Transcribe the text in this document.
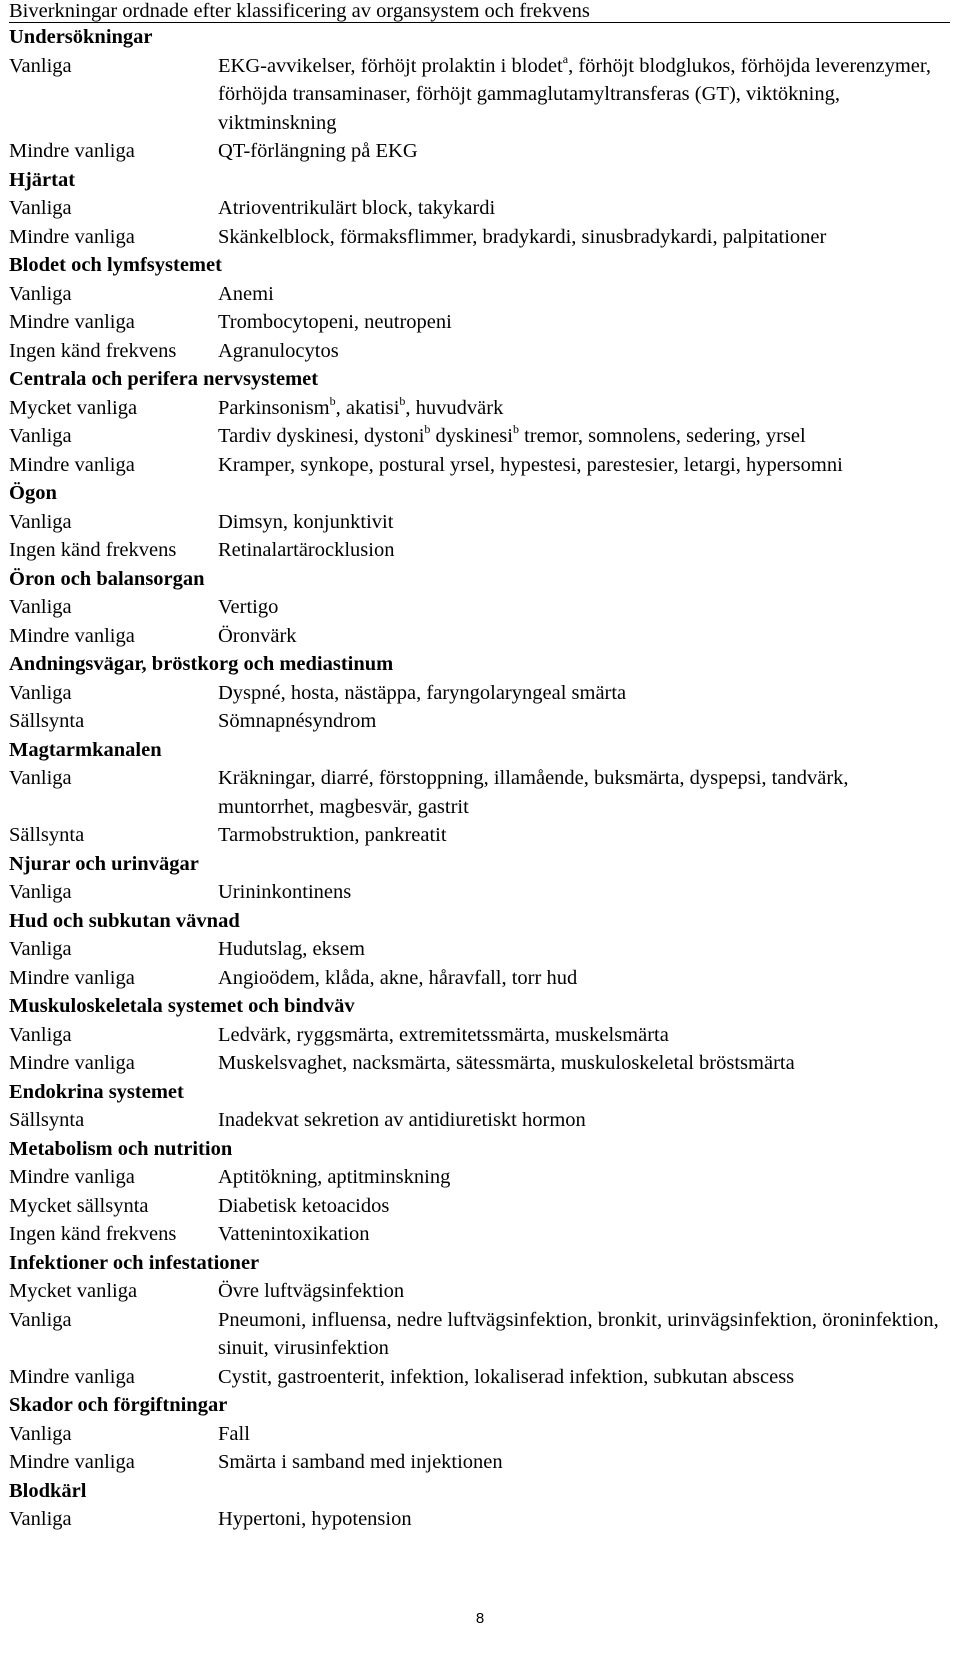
Biverkningar ordnade efter klassificering av organsystem och frekvens
Undersökningar
Vanliga	EKG-avvikelser, förhöjt prolaktin i blodet$^a$, förhöjt blodglukos, förhöjda leverenzymer, förhöjda transaminaser, förhöjt gammaglutamyltransferas (GT), viktökning, viktminskning
Mindre vanliga	QT-förlängning på EKG
Hjärtat
Vanliga	Atrioventrikulärt block, takykardi
Mindre vanliga	Skänkelblock, förmaksflimmer, bradykardi, sinusbradykardi, palpitationer
Blodet och lymfsystemet
Vanliga	Anemi
Mindre vanliga	Trombocytopeni, neutropeni
Ingen känd frekvens	Agranulocytos
Centrala och perifera nervsystemet
Mycket vanliga	Parkinsonism$^b$, akatisi$^b$, huvudvärk
Vanliga	Tardiv dyskinesi, dystoni$^b$ dyskinesi$^b$ tremor, somnolens, sedering, yrsel
Mindre vanliga	Kramper, synkope, postural yrsel, hypestesi, parestesier, letargi, hypersomni
Ögon
Vanliga	Dimsyn, konjunktivit
Ingen känd frekvens	Retinalartärocklusion
Öron och balansorgan
Vanliga	Vertigo
Mindre vanliga	Öronvärk
Andningsvägar, bröstkorg och mediastinum
Vanliga	Dyspné, hosta, nästäppa, faryngolaryngeal smärta
Sällsynta	Sömnapnésyndrom
Magtarmkanalen
Vanliga	Kräkningar, diarré, förstoppning, illamående, buksmärta, dyspepsi, tandvärk, muntorrhet, magbesvär, gastrit
Sällsynta	Tarmobstruktion, pankreatit
Njurar och urinvägar
Vanliga	Urininkontinens
Hud och subkutan vävnad
Vanliga	Hudutslag, eksem
Mindre vanliga	Angioödem, klåda, akne, håravfall, torr hud
Muskuloskeletala systemet och bindväv
Vanliga	Ledvärk, ryggsmärta, extremitetssmärta, muskelsmärta
Mindre vanliga	Muskelsvaghet, nacksmärta, sätessmärta, muskuloskeletal bröstsmärta
Endokrina systemet
Sällsynta	Inadekvat sekretion av antidiuretiskt hormon
Metabolism och nutrition
Mindre vanliga	Aptitökning, aptitminskning
Mycket sällsynta	Diabetisk ketoacidos
Ingen känd frekvens	Vattenintoxikation
Infektioner och infestationer
Mycket vanliga	Övre luftvägsinfektion
Vanliga	Pneumoni, influensa, nedre luftvägsinfektion, bronkit, urinvägsinfektion, öroninfektion, sinuit, virusinfektion
Mindre vanliga	Cystit, gastroenterit, infektion, lokaliserad infektion, subkutan abscess
Skador och förgiftningar
Vanliga	Fall
Mindre vanliga	Smärta i samband med injektionen
Blodkärl
Vanliga	Hypertoni, hypotension
8
